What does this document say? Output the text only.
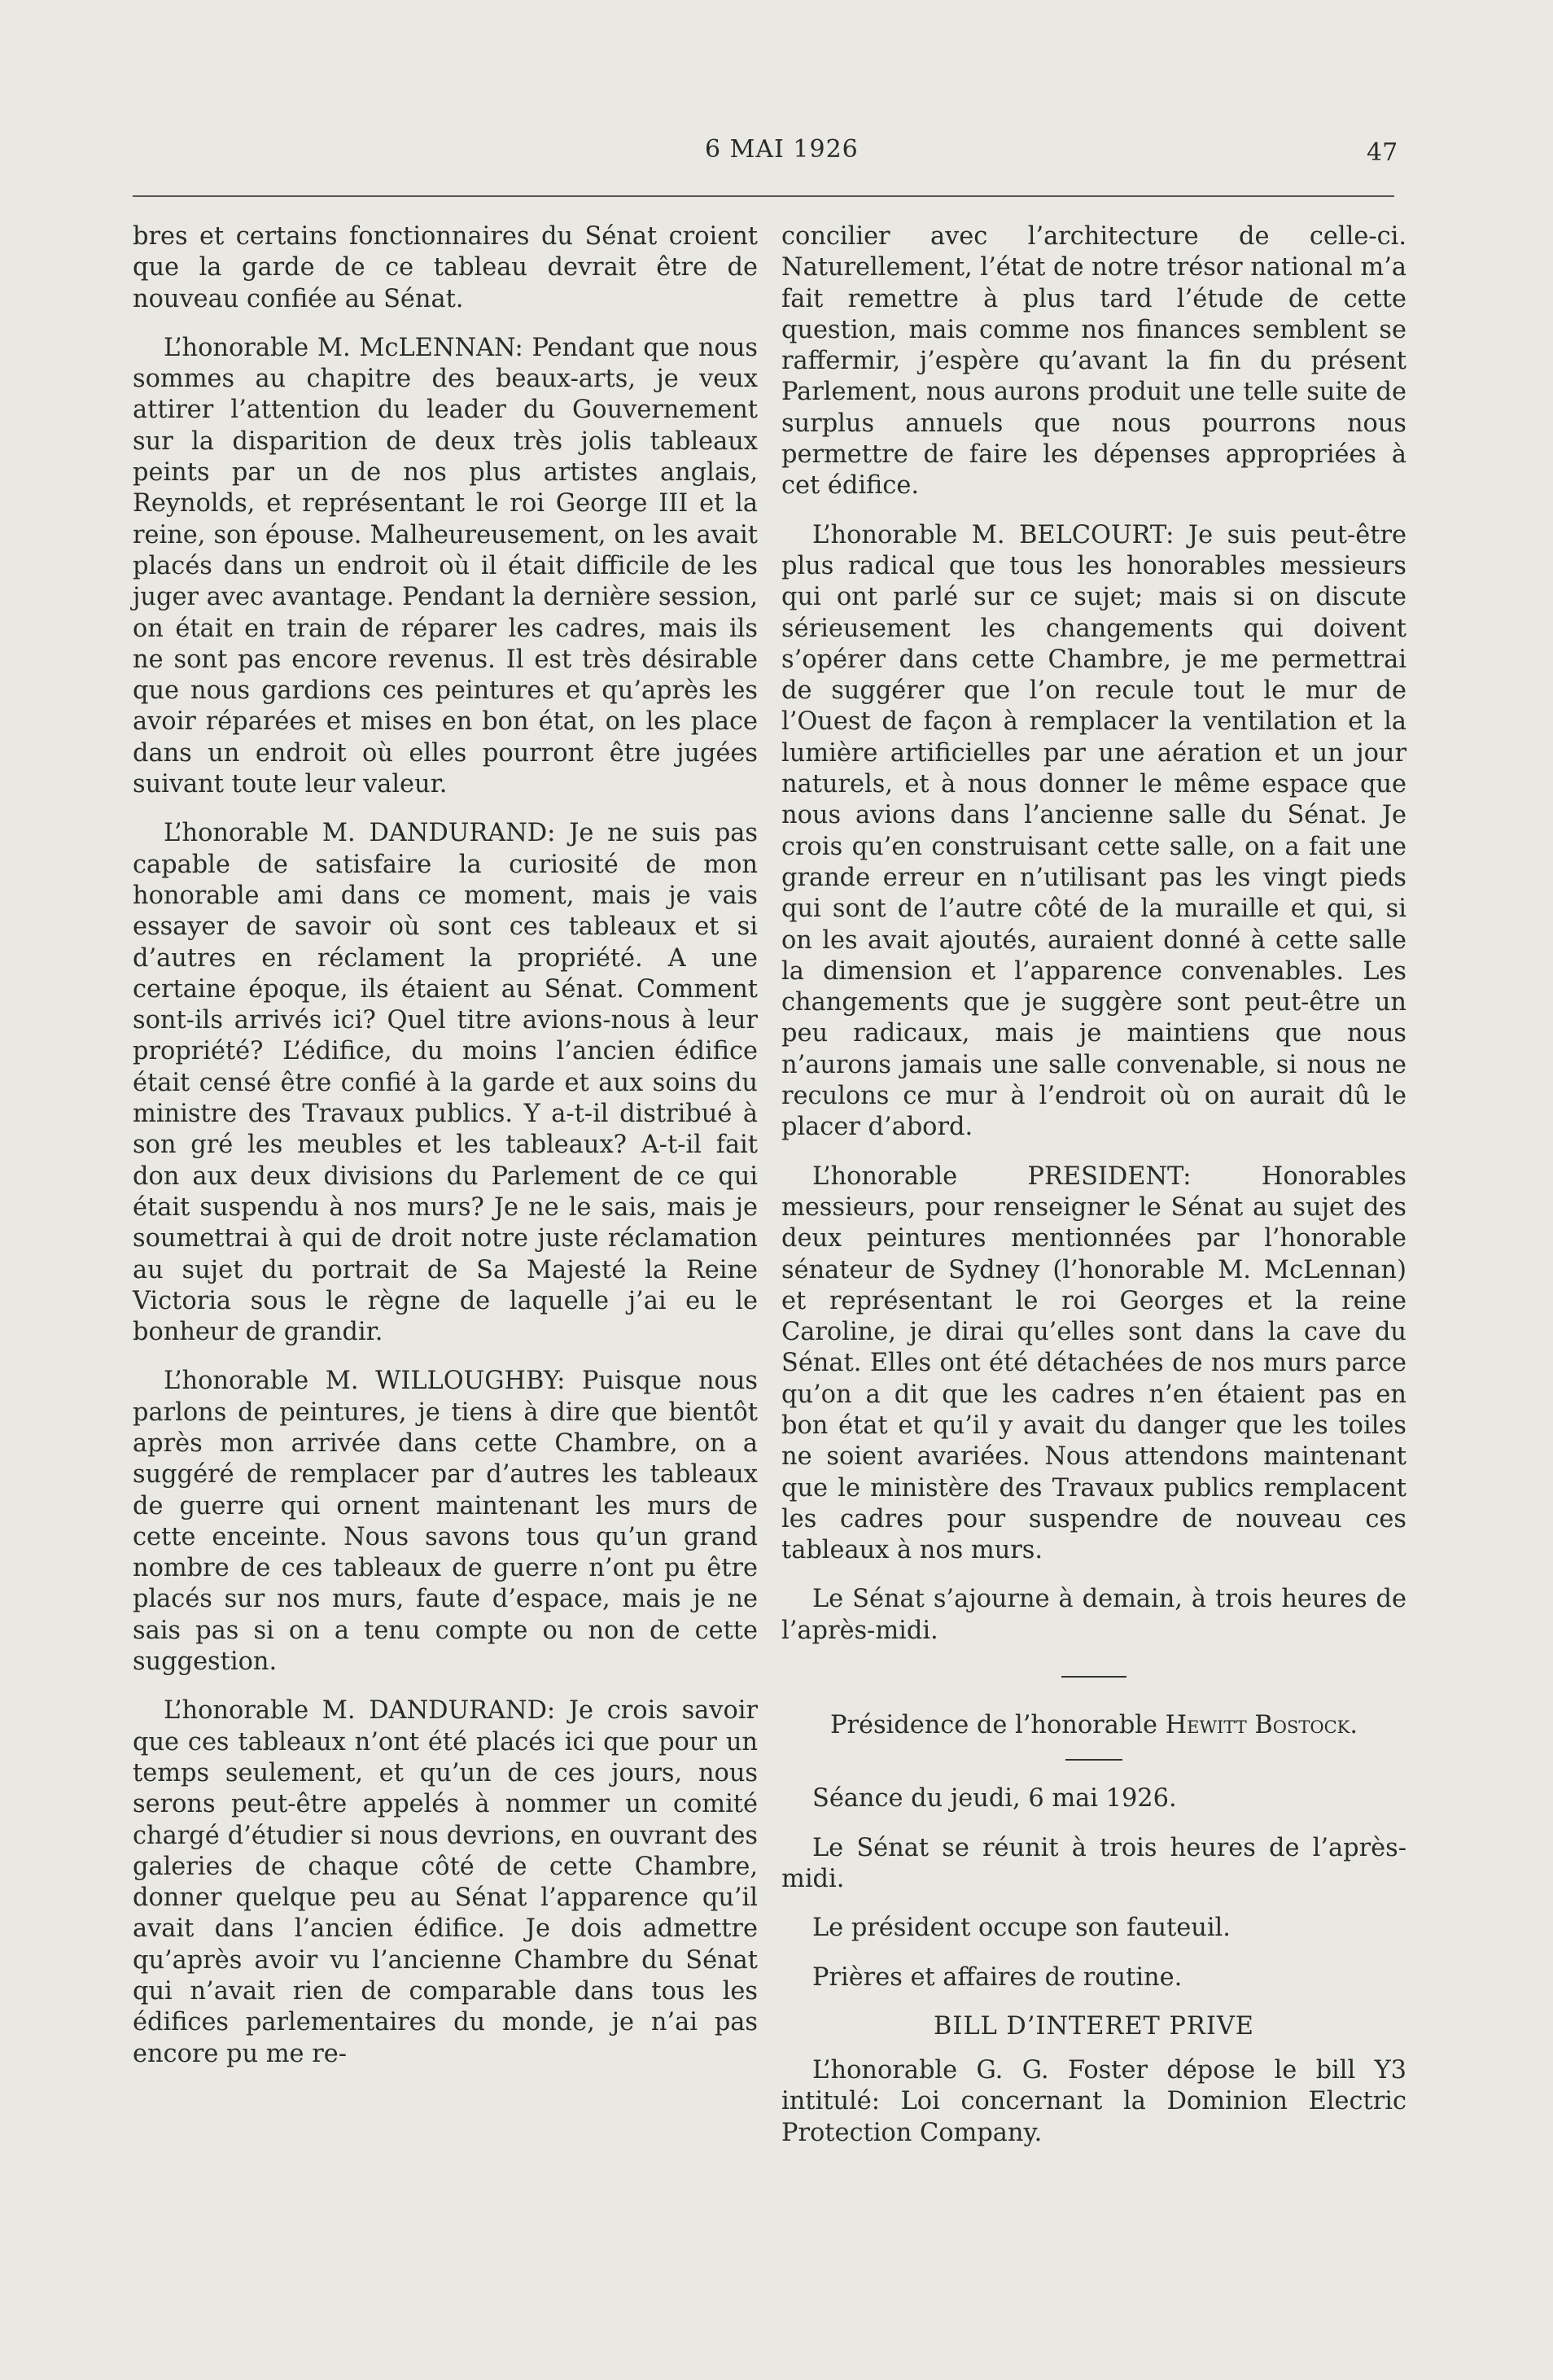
6 MAI 1926	47

bres et certains fonctionnaires du Sénat croient que la garde de ce tableau devrait être de nouveau confiée au Sénat.

L’honorable M. McLENNAN: Pendant que nous sommes au chapitre des beaux-arts, je veux attirer l’attention du leader du Gouvernement sur la disparition de deux très jolis tableaux peints par un de nos plus artistes anglais, Reynolds, et représentant le roi George III et la reine, son épouse. Malheureusement, on les avait placés dans un endroit où il était difficile de les juger avec avantage. Pendant la dernière session, on était en train de réparer les cadres, mais ils ne sont pas encore revenus. Il est très désirable que nous gardions ces peintures et qu’après les avoir réparées et mises en bon état, on les place dans un endroit où elles pourront être jugées suivant toute leur valeur.

L’honorable M. DANDURAND: Je ne suis pas capable de satisfaire la curiosité de mon honorable ami dans ce moment, mais je vais essayer de savoir où sont ces tableaux et si d’autres en réclament la propriété. A une certaine époque, ils étaient au Sénat. Comment sont-ils arrivés ici? Quel titre avions-nous à leur propriété? L’édifice, du moins l’ancien édifice était censé être confié à la garde et aux soins du ministre des Travaux publics. Y a-t-il distribué à son gré les meubles et les tableaux? A-t-il fait don aux deux divisions du Parlement de ce qui était suspendu à nos murs? Je ne le sais, mais je soumettrai à qui de droit notre juste réclamation au sujet du portrait de Sa Majesté la Reine Victoria sous le règne de laquelle j’ai eu le bonheur de grandir.

L’honorable M. WILLOUGHBY: Puisque nous parlons de peintures, je tiens à dire que bientôt après mon arrivée dans cette Chambre, on a suggéré de remplacer par d’autres les tableaux de guerre qui ornent maintenant les murs de cette enceinte. Nous savons tous qu’un grand nombre de ces tableaux de guerre n’ont pu être placés sur nos murs, faute d’espace, mais je ne sais pas si on a tenu compte ou non de cette suggestion.

L’honorable M. DANDURAND: Je crois savoir que ces tableaux n’ont été placés ici que pour un temps seulement, et qu’un de ces jours, nous serons peut-être appelés à nommer un comité chargé d’étudier si nous devrions, en ouvrant des galeries de chaque côté de cette Chambre, donner quelque peu au Sénat l’apparence qu’il avait dans l’ancien édifice. Je dois admettre qu’après avoir vu l’ancienne Chambre du Sénat qui n’avait rien de comparable dans tous les édifices parlementaires du monde, je n’ai pas encore pu me re-

concilier avec l’architecture de celle-ci. Naturellement, l’état de notre trésor national m’a fait remettre à plus tard l’étude de cette question, mais comme nos finances semblent se raffermir, j’espère qu’avant la fin du présent Parlement, nous aurons produit une telle suite de surplus annuels que nous pourrons nous permettre de faire les dépenses appropriées à cet édifice.

L’honorable M. BELCOURT: Je suis peut-être plus radical que tous les honorables messieurs qui ont parlé sur ce sujet; mais si on discute sérieusement les changements qui doivent s’opérer dans cette Chambre, je me permettrai de suggérer que l’on recule tout le mur de l’Ouest de façon à remplacer la ventilation et la lumière artificielles par une aération et un jour naturels, et à nous donner le même espace que nous avions dans l’ancienne salle du Sénat. Je crois qu’en construisant cette salle, on a fait une grande erreur en n’utilisant pas les vingt pieds qui sont de l’autre côté de la muraille et qui, si on les avait ajoutés, auraient donné à cette salle la dimension et l’apparence convenables. Les changements que je suggère sont peut-être un peu radicaux, mais je maintiens que nous n’aurons jamais une salle convenable, si nous ne reculons ce mur à l’endroit où on aurait dû le placer d’abord.

L’honorable PRESIDENT: Honorables messieurs, pour renseigner le Sénat au sujet des deux peintures mentionnées par l’honorable sénateur de Sydney (l’honorable M. McLennan) et représentant le roi Georges et la reine Caroline, je dirai qu’elles sont dans la cave du Sénat. Elles ont été détachées de nos murs parce qu’on a dit que les cadres n’en étaient pas en bon état et qu’il y avait du danger que les toiles ne soient avariées. Nous attendons maintenant que le ministère des Travaux publics remplacent les cadres pour suspendre de nouveau ces tableaux à nos murs.

Le Sénat s’ajourne à demain, à trois heures de l’après-midi.

Présidence de l’honorable Hewitt Bostock.

Séance du jeudi, 6 mai 1926.

Le Sénat se réunit à trois heures de l’après-midi.

Le président occupe son fauteuil.

Prières et affaires de routine.

BILL D’INTERET PRIVE

L’honorable G. G. Foster dépose le bill Y3 intitulé: Loi concernant la Dominion Electric Protection Company.
